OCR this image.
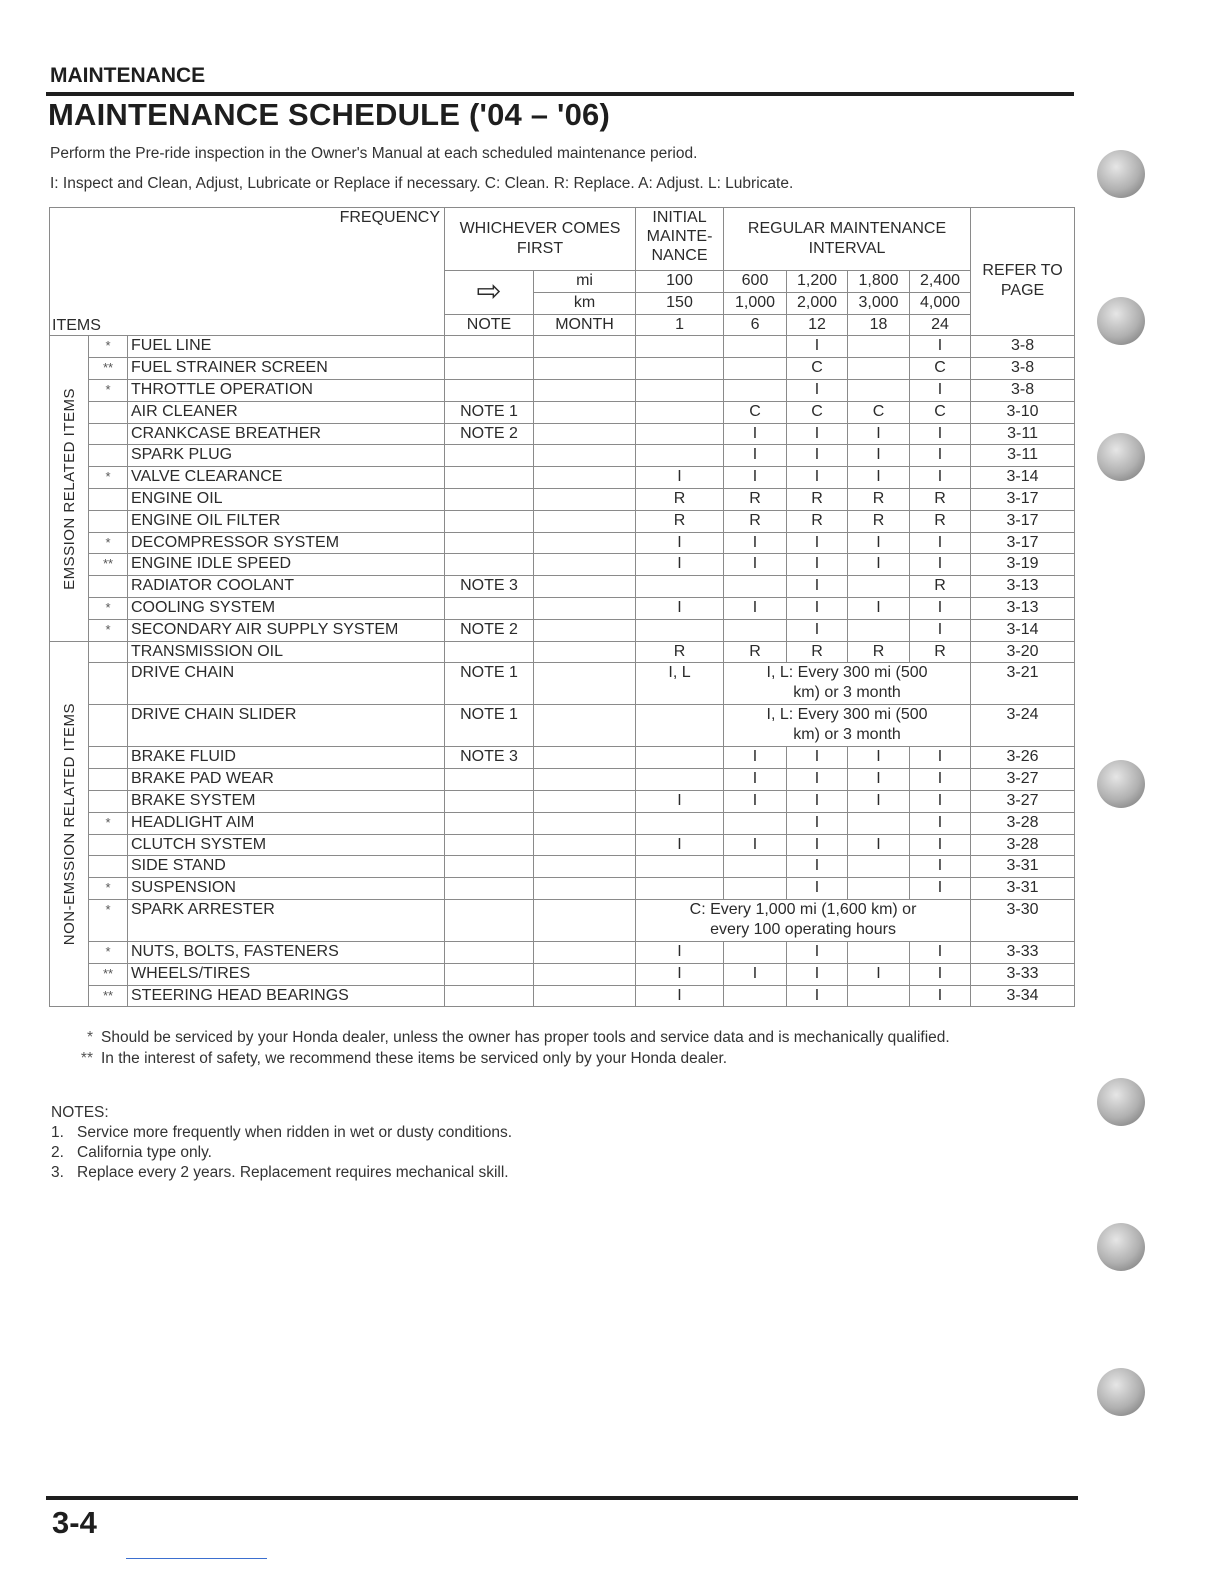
MAINTENANCE
MAINTENANCE SCHEDULE ('04 – '06)
Perform the Pre-ride inspection in the Owner's Manual at each scheduled maintenance period.
I: Inspect and Clean, Adjust, Lubricate or Replace if necessary. C: Clean. R: Replace. A: Adjust. L: Lubricate.
FREQUENCY
ITEMS			WHICHEVER COMES FIRST		INITIAL MAINTE-NANCE	REGULAR MAINTENANCE INTERVAL				REFER TO PAGE
			⇨	mi	100	600	1,200	1,800	2,400	
				km	150	1,000	2,000	3,000	4,000	
			NOTE	MONTH	1	6	12	18	24	

EMSSION RELATED ITEMS	*	FUEL LINE					I		I	3-8
	**	FUEL STRAINER SCREEN					C		C	3-8
	*	THROTTLE OPERATION					I		I	3-8
		AIR CLEANER	NOTE 1			C	C	C	C	3-10
		CRANKCASE BREATHER	NOTE 2			I	I	I	I	3-11
		SPARK PLUG				I	I	I	I	3-11
	*	VALVE CLEARANCE			I	I	I	I	I	3-14
		ENGINE OIL			R	R	R	R	R	3-17
		ENGINE OIL FILTER			R	R	R	R	R	3-17
	*	DECOMPRESSOR SYSTEM			I	I	I	I	I	3-17
	**	ENGINE IDLE SPEED			I	I	I	I	I	3-19
		RADIATOR COOLANT	NOTE 3				I		R	3-13
	*	COOLING SYSTEM			I	I	I	I	I	3-13
	*	SECONDARY AIR SUPPLY SYSTEM	NOTE 2				I		I	3-14

NON-EMSSION RELATED ITEMS		TRANSMISSION OIL			R	R	R	R	R	3-20
		DRIVE CHAIN	NOTE 1		I, L	I, L: Every 300 mi (500 km) or 3 month				3-21
		DRIVE CHAIN SLIDER	NOTE 1			I, L: Every 300 mi (500 km) or 3 month				3-24
		BRAKE FLUID	NOTE 3			I	I	I	I	3-26
		BRAKE PAD WEAR				I	I	I	I	3-27
		BRAKE SYSTEM			I	I	I	I	I	3-27
	*	HEADLIGHT AIM					I		I	3-28
		CLUTCH SYSTEM			I	I	I	I	I	3-28
		SIDE STAND					I		I	3-31
	*	SUSPENSION					I		I	3-31
	*	SPARK ARRESTER			C: Every 1,000 mi (1,600 km) or every 100 operating hours					3-30
	*	NUTS, BOLTS, FASTENERS			I		I		I	3-33
	**	WHEELS/TIRES			I	I	I	I	I	3-33
	**	STEERING HEAD BEARINGS			I		I		I	3-34
* Should be serviced by your Honda dealer, unless the owner has proper tools and service data and is mechanically qualified.
** In the interest of safety, we recommend these items be serviced only by your Honda dealer.
NOTES:
1. Service more frequently when ridden in wet or dusty conditions.
2. California type only.
3. Replace every 2 years. Replacement requires mechanical skill.
3-4
